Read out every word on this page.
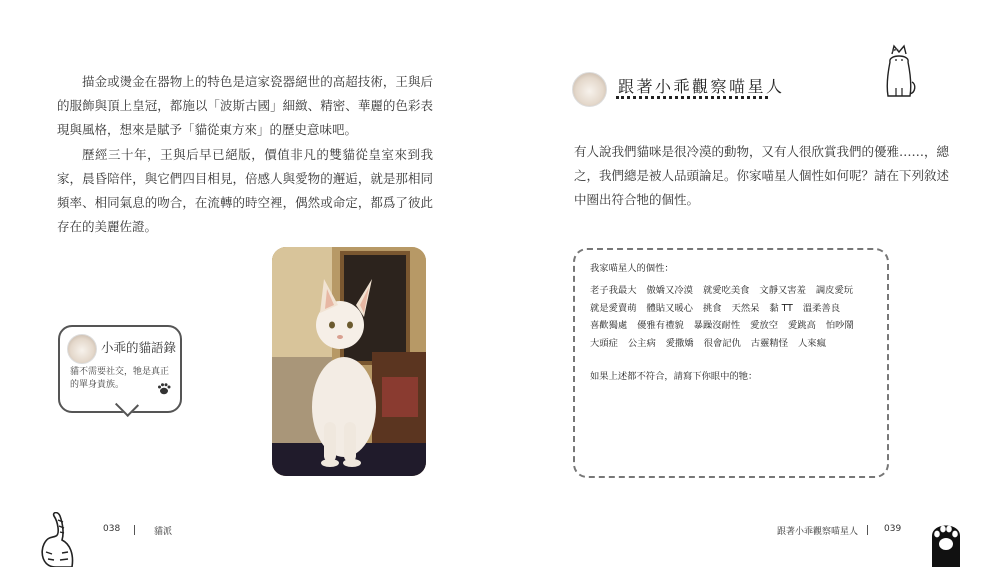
描金或燙金在器物上的特色是這家瓷器絕世的高超技術，王與后的服飾與頂上皇冠，都施以「波斯古國」細緻、精密、華麗的色彩表現與風格，想來是賦予「貓從東方來」的歷史意味吧。

歷經三十年，王與后早已絕版，價值非凡的雙貓從皇室來到我家，晨昏陪伴，與它們四目相見，倍感人與愛物的邂逅，就是那相同頻率、相同氣息的吻合，在流轉的時空裡，偶然或命定，都爲了彼此存在的美麗佐證。

小乖的貓語錄
貓不需要社交，牠是真正的單身貴族。
038	貓派
跟著小乖觀察喵星人
有人說我們貓咪是很冷漠的動物，又有人很欣賞我們的優雅……，總之，我們總是被人品頭論足。你家喵星人個性如何呢？請在下列敘述中圈出符合牠的個性。
我家喵星人的個性：
老子我最大 傲嬌又冷漠 就愛吃美食 文靜又害羞 調皮愛玩
就是愛賣萌 體貼又暖心 挑食 天然呆 黏 TT 溫柔善良
喜歡獨處 優雅有禮貌 暴躁沒耐性 愛放空 愛跳高 怕吵鬧
大頭症 公主病 愛撒嬌 很會記仇 古靈精怪 人來瘋
如果上述都不符合，請寫下你眼中的牠：
跟著小乖觀察喵星人	039
